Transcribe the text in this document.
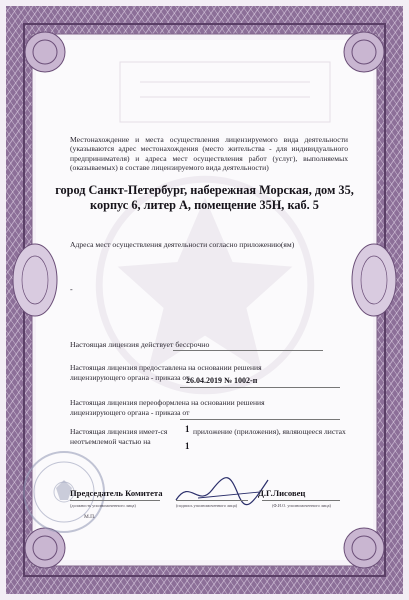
Местонахождение и места осуществления лицензируемого вида деятельности (указываются адрес местонахождения (место жительства - для индивидуального предпринимателя) и адреса мест осуществления работ (услуг), выполняемых (оказываемых) в составе лицензируемого вида деятельности)
город Санкт-Петербург, набережная Морская, дом 35, корпус 6, литер А, помещение 35Н, каб. 5
Адреса мест осуществления деятельности согласно приложению(ям)
-
Настоящая лицензия действует бессрочно
Настоящая лицензия предоставлена на основании решения лицензирующего органа - приказа от
26.04.2019 № 1002-п
Настоящая лицензия переоформлена на основании решения лицензирующего органа - приказа от
Настоящая лицензия имеет-ся неотъемлемой частью на
1
1
приложение (приложения), являющееся листах
Председатель Комитета	Д.Г.Лисовец
(должность уполномоченного лица)	(подпись уполномоченного лица)	(Ф.И.О. уполномоченного лица)
М.П.
